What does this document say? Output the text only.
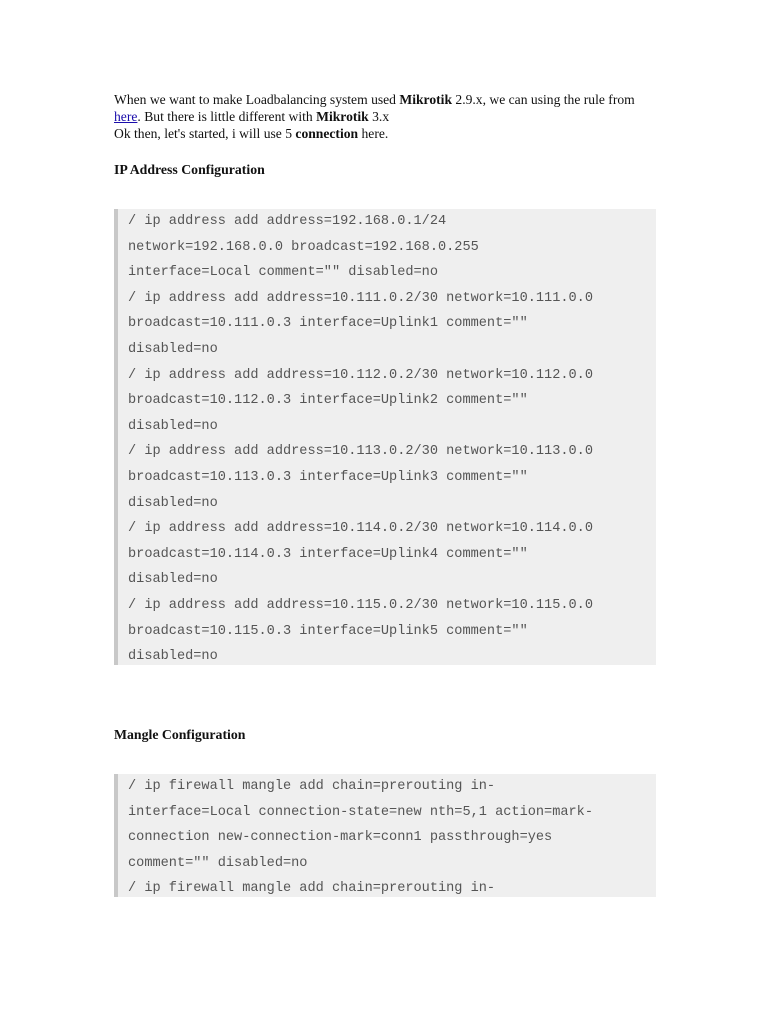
When we want to make Loadbalancing system used Mikrotik 2.9.x, we can using the rule from here. But there is little different with Mikrotik 3.x
Ok then, let's started, i will use 5 connection here.

IP Address Configuration
/ ip address add address=192.168.0.1/24
network=192.168.0.0 broadcast=192.168.0.255
interface=Local comment="" disabled=no
/ ip address add address=10.111.0.2/30 network=10.111.0.0
broadcast=10.111.0.3 interface=Uplink1 comment=""
disabled=no
/ ip address add address=10.112.0.2/30 network=10.112.0.0
broadcast=10.112.0.3 interface=Uplink2 comment=""
disabled=no
/ ip address add address=10.113.0.2/30 network=10.113.0.0
broadcast=10.113.0.3 interface=Uplink3 comment=""
disabled=no
/ ip address add address=10.114.0.2/30 network=10.114.0.0
broadcast=10.114.0.3 interface=Uplink4 comment=""
disabled=no
/ ip address add address=10.115.0.2/30 network=10.115.0.0
broadcast=10.115.0.3 interface=Uplink5 comment=""
disabled=no
Mangle Configuration
/ ip firewall mangle add chain=prerouting in-
interface=Local connection-state=new nth=5,1 action=mark-
connection new-connection-mark=conn1 passthrough=yes
comment="" disabled=no
/ ip firewall mangle add chain=prerouting in-
